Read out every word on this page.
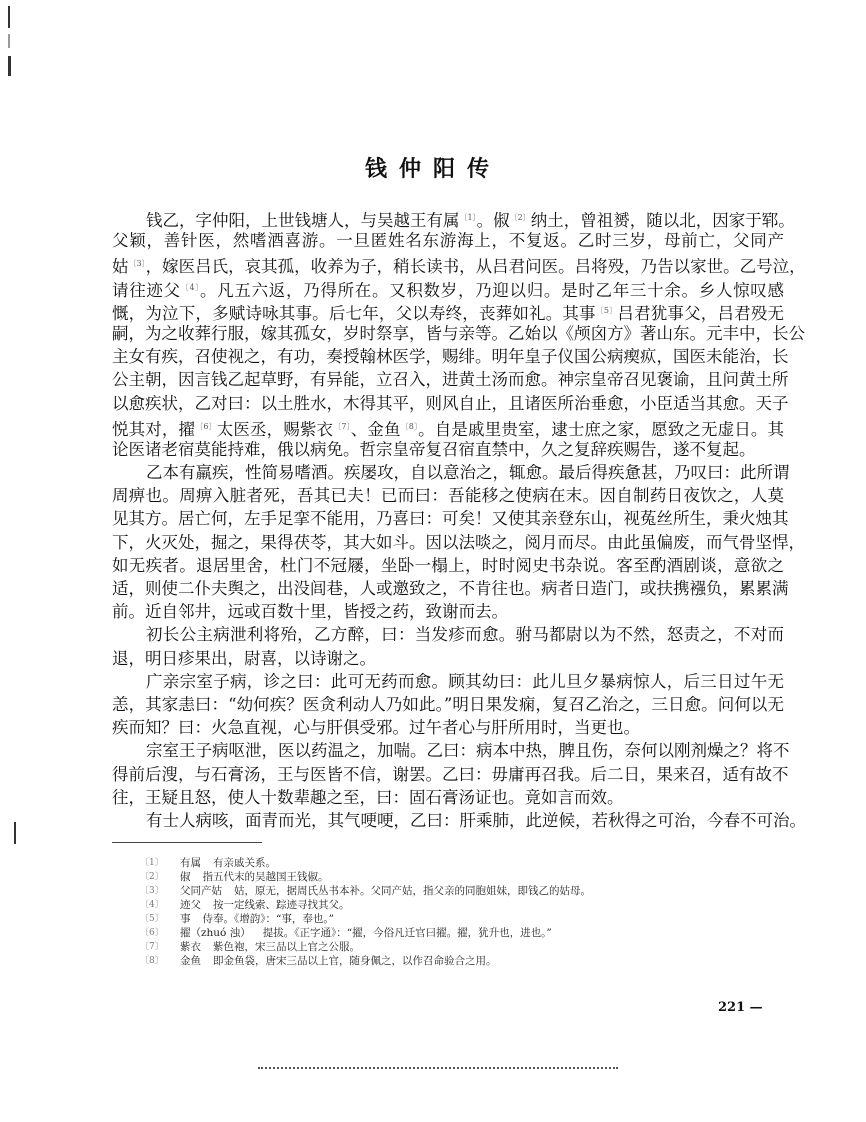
钱仲阳传
钱乙，字仲阳，上世钱塘人，与吴越王有属$^{〔1〕}$。俶$^{〔2〕}$纳土，曾祖赟，随以北，因家于郓。
父颖，善针医，然嗜酒喜游。一旦匿姓名东游海上，不复返。乙时三岁，母前亡，父同产
姑$^{〔3〕}$，嫁医吕氏，哀其孤，收养为子，稍长读书，从吕君问医。吕将殁，乃告以家世。乙号泣，
请往迹父$^{〔4〕}$。凡五六返，乃得所在。又积数岁，乃迎以归。是时乙年三十余。乡人惊叹感
慨，为泣下，多赋诗咏其事。后七年，父以寿终，丧葬如礼。其事$^{〔5〕}$吕君犹事父，吕君殁无
嗣，为之收葬行服，嫁其孤女，岁时祭享，皆与亲等。乙始以《颅囟方》著山东。元丰中，长公
主女有疾，召使视之，有功，奏授翰林医学，赐绯。明年皇子仪国公病瘈疭，国医未能治，长
公主朝，因言钱乙起草野，有异能，立召入，进黄土汤而愈。神宗皇帝召见褒谕，且问黄土所
以愈疾状，乙对曰：以土胜水，木得其平，则风自止，且诸医所治垂愈，小臣适当其愈。天子
悦其对，擢$^{〔6〕}$太医丞，赐紫衣$^{〔7〕}$、金鱼$^{〔8〕}$。自是戚里贵室，逮士庶之家，愿致之无虚日。其
论医诸老宿莫能持难，俄以病免。哲宗皇帝复召宿直禁中，久之复辞疾赐告，遂不复起。
乙本有羸疾，性简易嗜酒。疾屡攻，自以意治之，辄愈。最后得疾惫甚，乃叹曰：此所谓
周痹也。周痹入脏者死，吾其已夫！已而曰：吾能移之使病在末。因自制药日夜饮之，人莫
见其方。居亡何，左手足挛不能用，乃喜曰：可矣！又使其亲登东山，视菟丝所生，秉火烛其
下，火灭处，掘之，果得茯苓，其大如斗。因以法啖之，阅月而尽。由此虽偏废，而气骨坚悍，
如无疾者。退居里舍，杜门不冠屦，坐卧一榻上，时时阅史书杂说。客至酌酒剧谈，意欲之
适，则使二仆夫舆之，出没闾巷，人或邀致之，不肯往也。病者日造门，或扶携襁负，累累满
前。近自邻井，远或百数十里，皆授之药，致谢而去。
初长公主病泄利将殆，乙方醉，曰：当发疹而愈。驸马都尉以为不然，怒责之，不对而
退，明日疹果出，尉喜，以诗谢之。
广亲宗室子病，诊之曰：此可无药而愈。顾其幼曰：此儿旦夕暴病惊人，后三日过午无
恙，其家恚曰：“幼何疾？医贪利动人乃如此。”明日果发痫，复召乙治之，三日愈。问何以无
疾而知？曰：火急直视，心与肝俱受邪。过午者心与肝所用时，当更也。
宗室王子病呕泄，医以药温之，加喘。乙曰：病本中热，脾且伤，奈何以刚剂燥之？将不
得前后溲，与石膏汤，王与医皆不信，谢罢。乙曰：毋庸再召我。后二日，果来召，适有故不
往，王疑且怒，使人十数辈趣之至，曰：固石膏汤证也。竟如言而效。
有士人病咳，面青而光，其气哽哽，乙曰：肝乘肺，此逆候，若秋得之可治，今春不可治。
〔1〕	有属 有亲戚关系。
〔2〕	俶 指五代末的吴越国王钱俶。
〔3〕	父同产姑 姑，原无，据周氏丛书本补。父同产姑，指父亲的同胞姐妹，即钱乙的姑母。
〔4〕	迹父 按一定线索、踪迹寻找其父。
〔5〕	事 侍奉。《增韵》：“事，奉也。”
〔6〕	擢（zhuó 浊） 提拔。《正字通》：“擢，今俗凡迁官曰擢。擢，犹升也，进也。”
〔7〕	紫衣 紫色袍，宋三品以上官之公服。
〔8〕	金鱼 即金鱼袋，唐宋三品以上官，随身佩之，以作召命验合之用。
221 —
